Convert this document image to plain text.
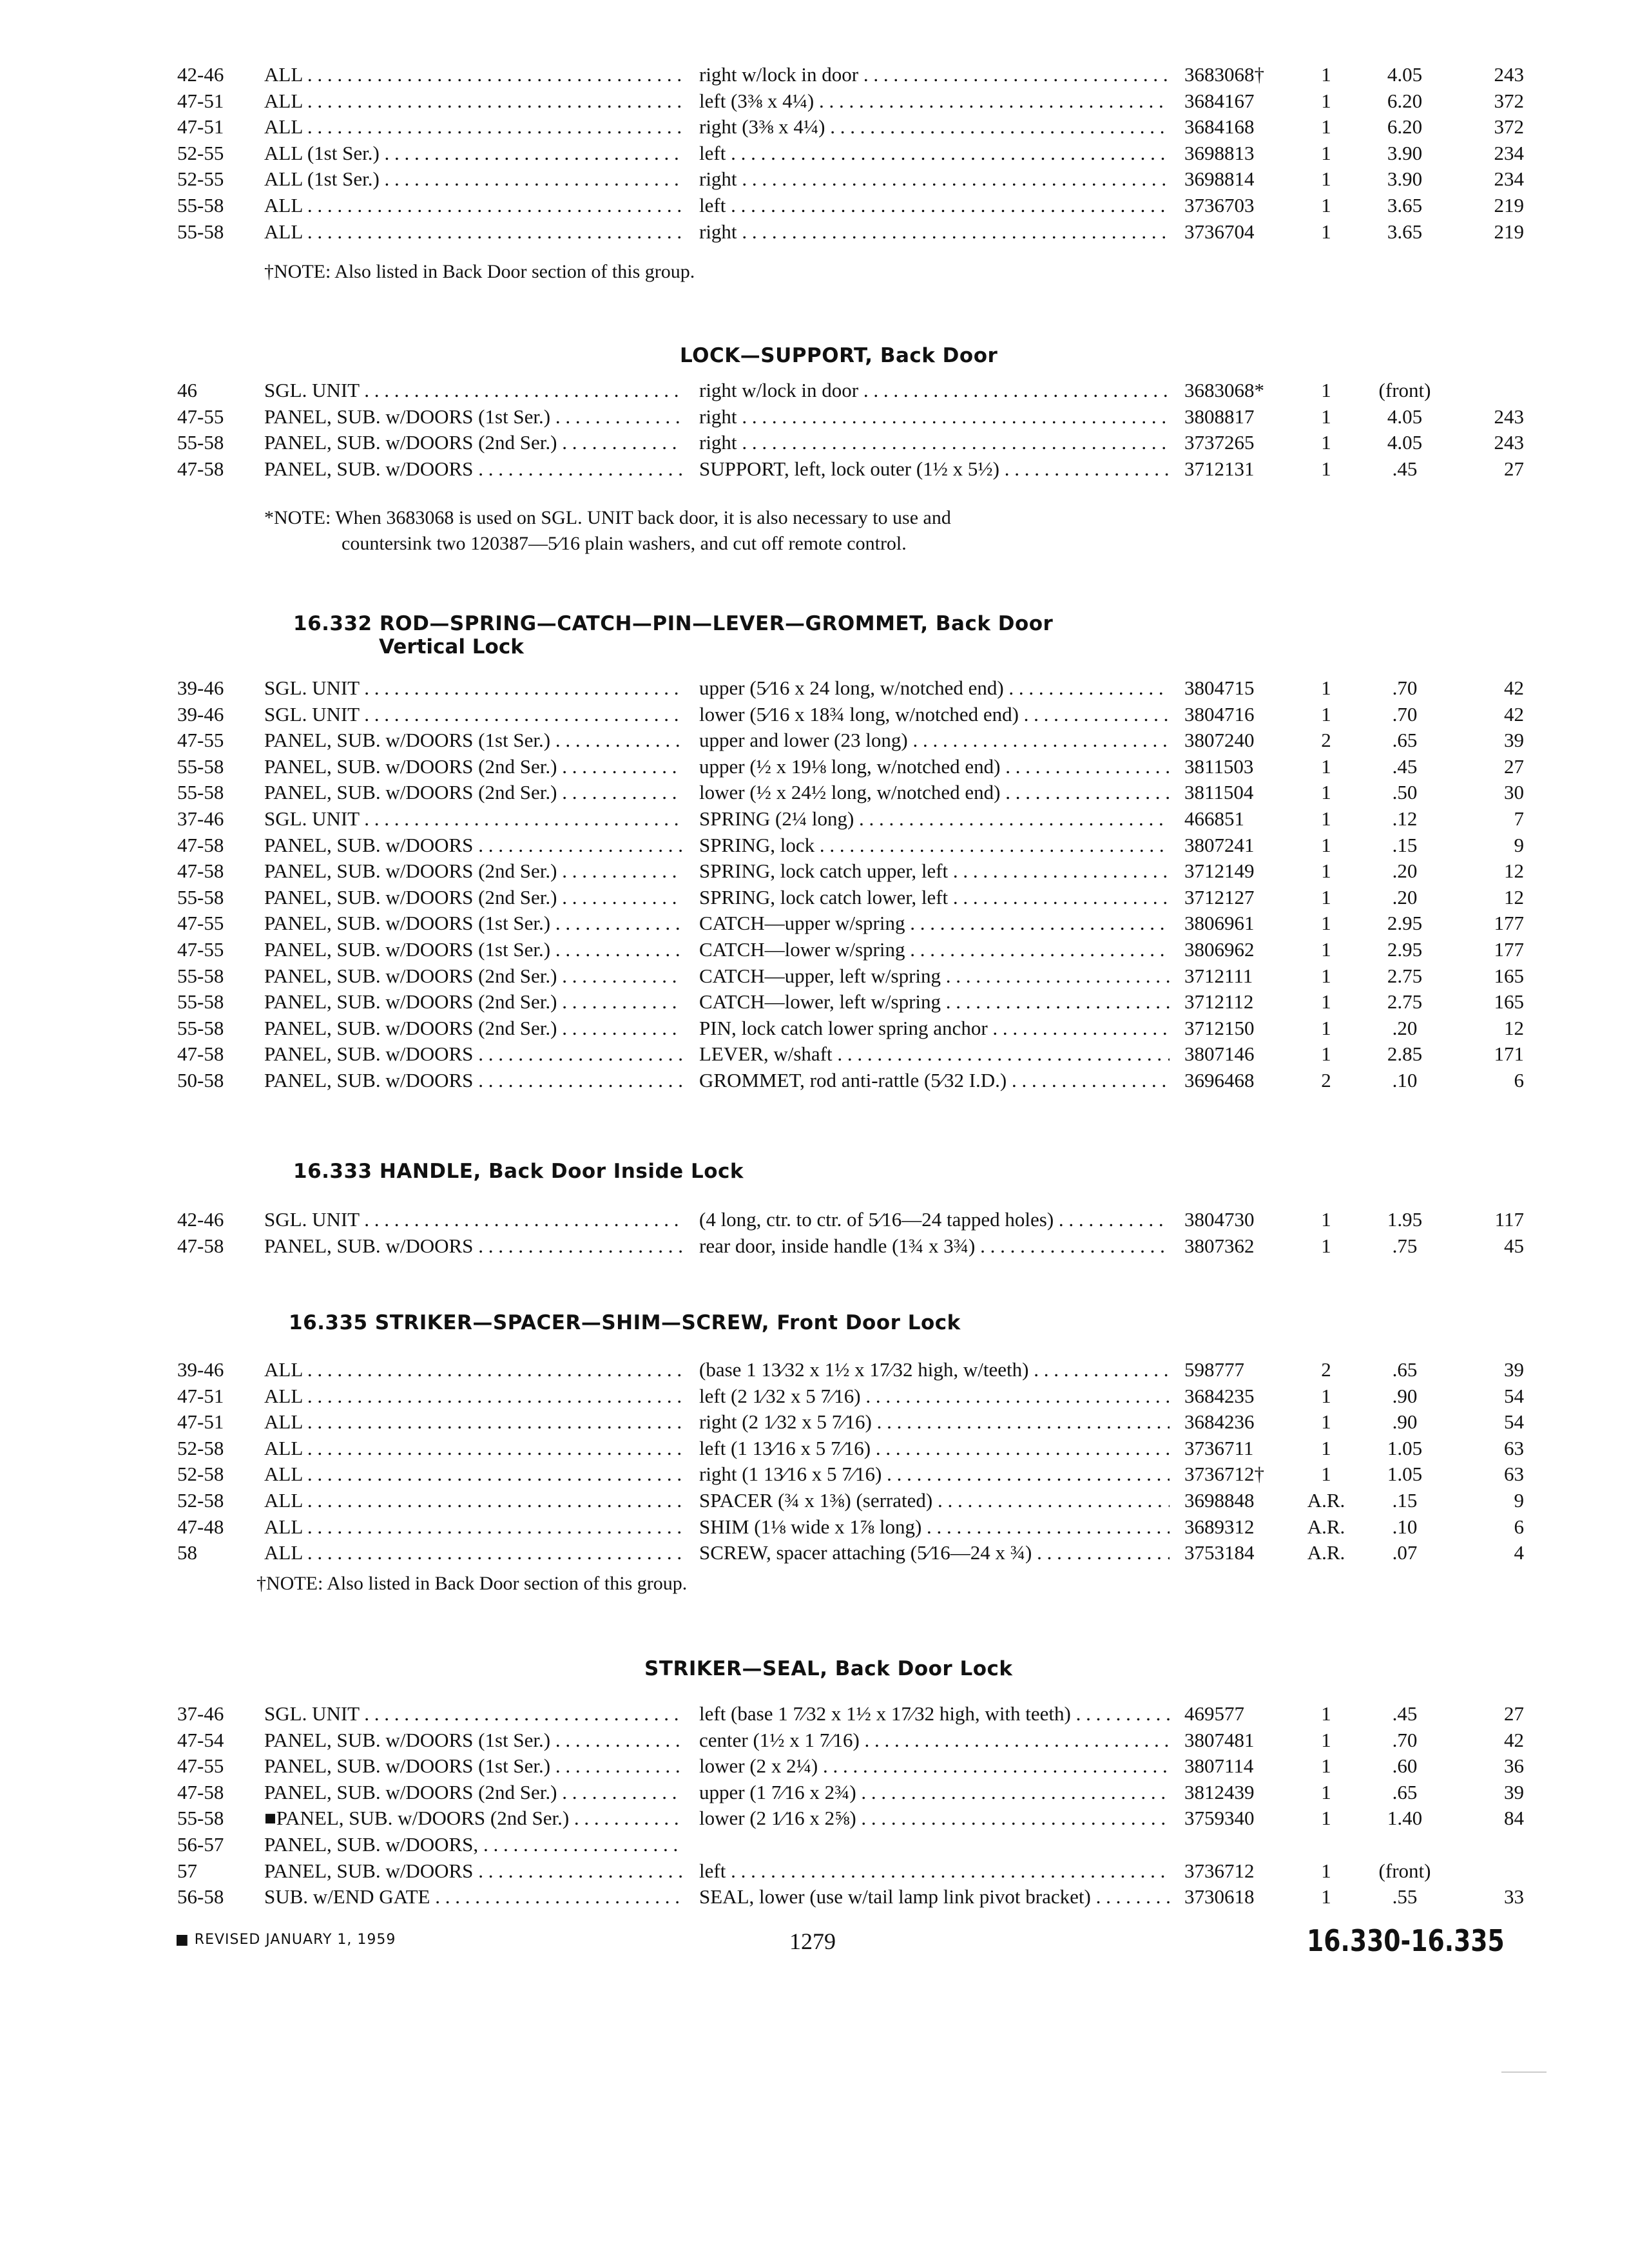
42-46	ALL . . .	right w/lock in door . . .	3683068†	1	4.05	243
47-51	ALL . . .	left (3⅜ x 4¼) . . .	3684167	1	6.20	372
47-51	ALL . . .	right (3⅜ x 4¼) . . .	3684168	1	6.20	372
52-55	ALL (1st Ser.) . . .	left . . .	3698813	1	3.90	234
52-55	ALL (1st Ser.) . . .	right . . .	3698814	1	3.90	234
55-58	ALL . . .	left . . .	3736703	1	3.65	219
55-58	ALL . . .	right . . .	3736704	1	3.65	219
†NOTE: Also listed in Back Door section of this group.
LOCK—SUPPORT, Back Door
46	SGL. UNIT . . .	right w/lock in door . . .	3683068*	1	(front)
47-55	PANEL, SUB. w/DOORS (1st Ser.) . . .	right . . .	3808817	1	4.05	243
55-58	PANEL, SUB. w/DOORS (2nd Ser.) . . .	right . . .	3737265	1	4.05	243
47-58	PANEL, SUB. w/DOORS . . .	SUPPORT, left, lock outer (1½ x 5½) . . .	3712131	1	.45	27
*NOTE: When 3683068 is used on SGL. UNIT back door, it is also necessary to use and
countersink two 120387—5⁄16 plain washers, and cut off remote control.
16.332 ROD—SPRING—CATCH—PIN—LEVER—GROMMET, Back Door
Vertical Lock
39-46	SGL. UNIT . . .	upper (5⁄16 x 24 long, w/notched end) . . .	3804715	1	.70	42
39-46	SGL. UNIT . . .	lower (5⁄16 x 18¾ long, w/notched end) . . .	3804716	1	.70	42
47-55	PANEL, SUB. w/DOORS (1st Ser.) . . .	upper and lower (23 long) . . .	3807240	2	.65	39
55-58	PANEL, SUB. w/DOORS (2nd Ser.) . . .	upper (½ x 19⅛ long, w/notched end) . . .	3811503	1	.45	27
55-58	PANEL, SUB. w/DOORS (2nd Ser.) . . .	lower (½ x 24½ long, w/notched end) . . .	3811504	1	.50	30
37-46	SGL. UNIT . . .	SPRING (2¼ long) . . .	466851	1	.12	7
47-58	PANEL, SUB. w/DOORS . . .	SPRING, lock . . .	3807241	1	.15	9
47-58	PANEL, SUB. w/DOORS (2nd Ser.) . . .	SPRING, lock catch upper, left . . .	3712149	1	.20	12
55-58	PANEL, SUB. w/DOORS (2nd Ser.) . . .	SPRING, lock catch lower, left . . .	3712127	1	.20	12
47-55	PANEL, SUB. w/DOORS (1st Ser.) . . .	CATCH—upper w/spring . . .	3806961	1	2.95	177
47-55	PANEL, SUB. w/DOORS (1st Ser.) . . .	CATCH—lower w/spring . . .	3806962	1	2.95	177
55-58	PANEL, SUB. w/DOORS (2nd Ser.) . . .	CATCH—upper, left w/spring . . .	3712111	1	2.75	165
55-58	PANEL, SUB. w/DOORS (2nd Ser.) . . .	CATCH—lower, left w/spring . . .	3712112	1	2.75	165
55-58	PANEL, SUB. w/DOORS (2nd Ser.) . . .	PIN, lock catch lower spring anchor . . .	3712150	1	.20	12
47-58	PANEL, SUB. w/DOORS . . .	LEVER, w/shaft . . .	3807146	1	2.85	171
50-58	PANEL, SUB. w/DOORS . . .	GROMMET, rod anti-rattle (5⁄32 I.D.) . . .	3696468	2	.10	6
16.333 HANDLE, Back Door Inside Lock
42-46	SGL. UNIT . . .	(4 long, ctr. to ctr. of 5⁄16—24 tapped holes) . . .	3804730	1	1.95	117
47-58	PANEL, SUB. w/DOORS . . .	rear door, inside handle (1¾ x 3¾) . . .	3807362	1	.75	45
16.335 STRIKER—SPACER—SHIM—SCREW, Front Door Lock
39-46	ALL . . .	(base 1 13⁄32 x 1½ x 17⁄32 high, w/teeth) . . .	598777	2	.65	39
47-51	ALL . . .	left (2 1⁄32 x 5 7⁄16) . . .	3684235	1	.90	54
47-51	ALL . . .	right (2 1⁄32 x 5 7⁄16) . . .	3684236	1	.90	54
52-58	ALL . . .	left (1 13⁄16 x 5 7⁄16) . . .	3736711	1	1.05	63
52-58	ALL . . .	right (1 13⁄16 x 5 7⁄16) . . .	3736712†	1	1.05	63
52-58	ALL . . .	SPACER (¾ x 1⅜) (serrated) . . .	3698848	A.R.	.15	9
47-48	ALL . . .	SHIM (1⅛ wide x 1⅞ long) . . .	3689312	A.R.	.10	6
58	ALL . . .	SCREW, spacer attaching (5⁄16—24 x ¾) . . .	3753184	A.R.	.07	4
†NOTE: Also listed in Back Door section of this group.
STRIKER—SEAL, Back Door Lock
37-46	SGL. UNIT . . .	left (base 1 7⁄32 x 1½ x 17⁄32 high, with teeth) . . .	469577	1	.45	27
47-54	PANEL, SUB. w/DOORS (1st Ser.) . . .	center (1½ x 1 7⁄16) . . .	3807481	1	.70	42
47-55	PANEL, SUB. w/DOORS (1st Ser.) . . .	lower (2 x 2¼) . . .	3807114	1	.60	36
47-58	PANEL, SUB. w/DOORS (2nd Ser.) . . .	upper (1 7⁄16 x 2¾) . . .	3812439	1	.65	39
55-58	■PANEL, SUB. w/DOORS (2nd Ser.) . . .	lower (2 1⁄16 x 2⅝) . . .	3759340	1	1.40	84
56-57	PANEL, SUB. w/DOORS, . . .
57	PANEL, SUB. w/DOORS . . .	left . . .	3736712	1	(front)
56-58	SUB. w/END GATE . . .	SEAL, lower (use w/tail lamp link pivot bracket) . . .	3730618	1	.55	33
■ REVISED JANUARY 1, 1959	1279	16.330-16.335
